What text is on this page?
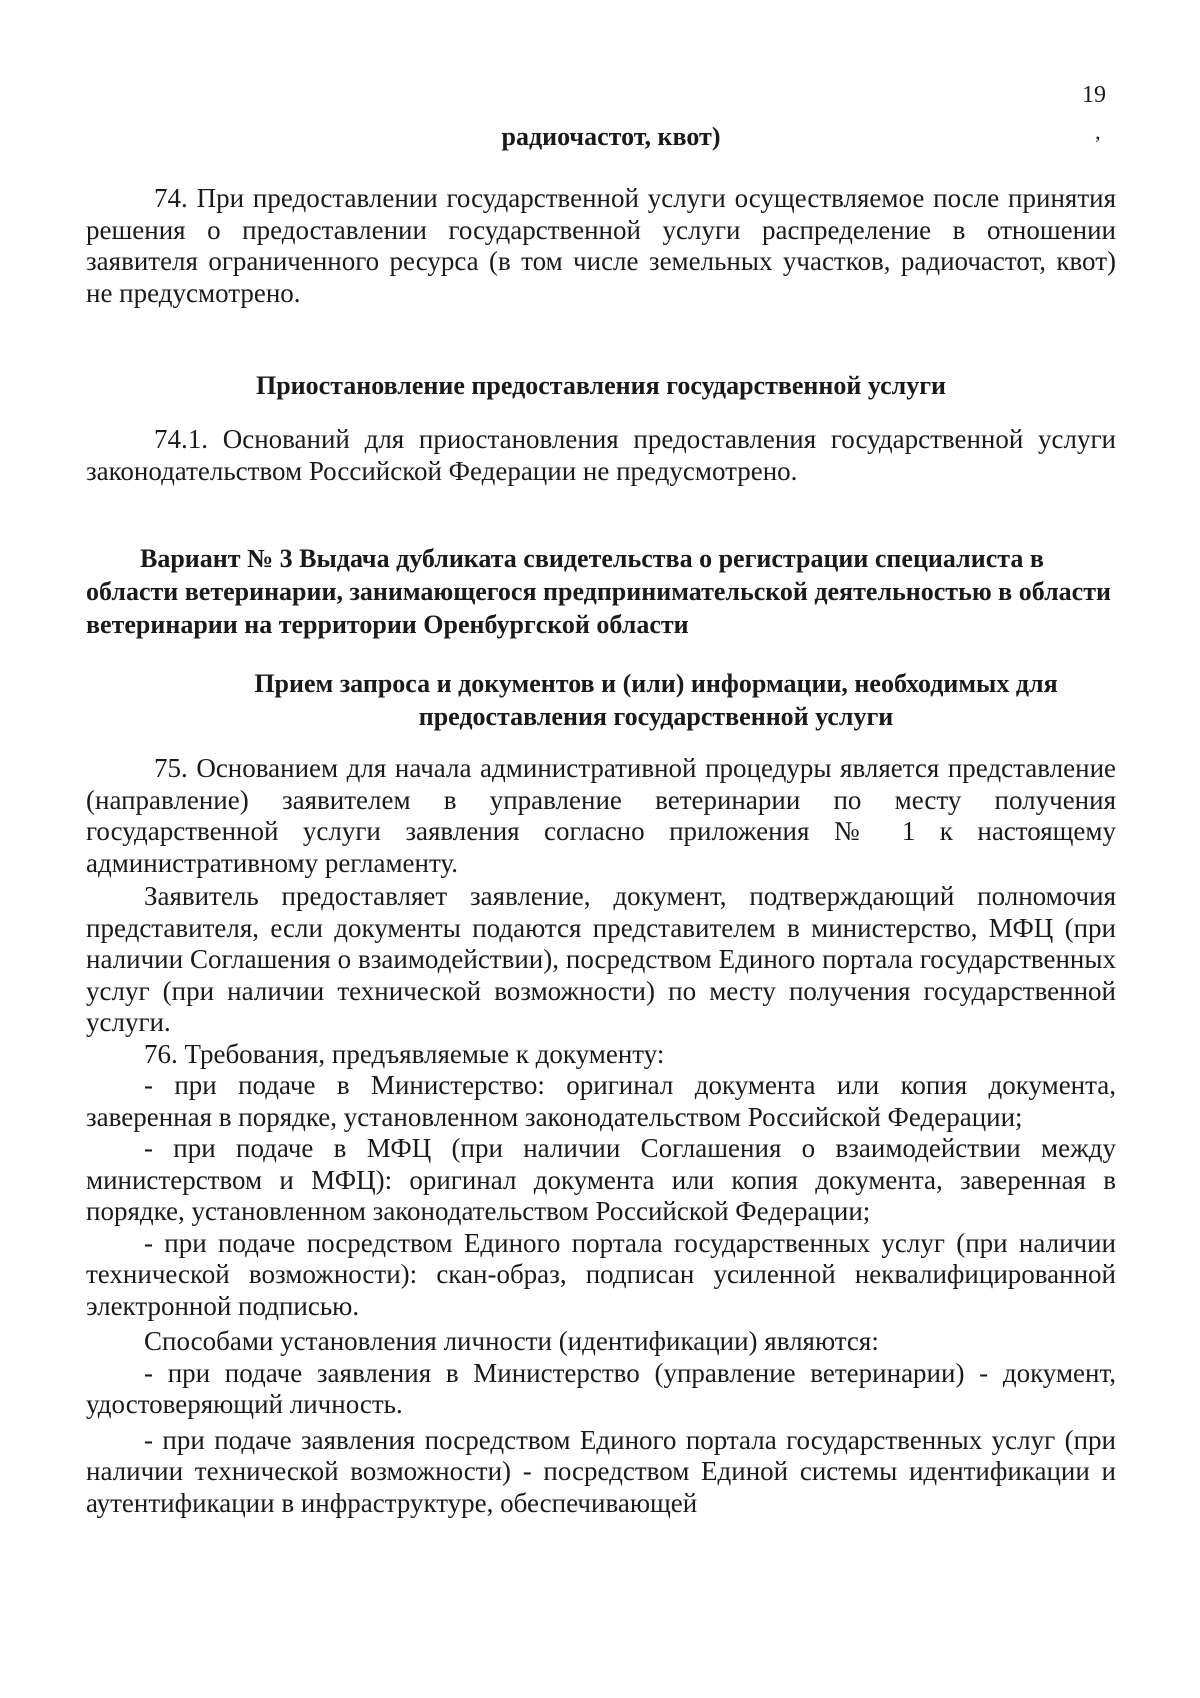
19
’
радиочастот, квот)

74. При предоставлении государственной услуги осуществляемое после принятия решения о предоставлении государственной услуги распределение в отношении заявителя ограниченного ресурса (в том числе земельных участков, радиочастот, квот) не предусмотрено.

Приостановление предоставления государственной услуги

74.1. Оснований для приостановления предоставления государственной услуги законодательством Российской Федерации не предусмотрено.

Вариант № 3 Выдача дубликата свидетельства о регистрации специалиста в области ветеринарии, занимающегося предпринимательской деятельностью в области ветеринарии на территории Оренбургской области
Прием запроса и документов и (или) информации, необходимых для предоставления государственной услуги

75. Основанием для начала административной процедуры является представление (направление) заявителем в управление ветеринарии по месту получения государственной услуги заявления согласно приложения № 1 к настоящему административному регламенту.

Заявитель предоставляет заявление, документ, подтверждающий полномочия представителя, если документы подаются представителем в министерство, МФЦ (при наличии Соглашения о взаимодействии), посредством Единого портала государственных услуг (при наличии технической возможности) по месту получения государственной услуги.

76. Требования, предъявляемые к документу:

- при подаче в Министерство: оригинал документа или копия документа, заверенная в порядке, установленном законодательством Российской Федерации;

- при подаче в МФЦ (при наличии Соглашения о взаимодействии между министерством и МФЦ): оригинал документа или копия документа, заверенная в порядке, установленном законодательством Российской Федерации;

- при подаче посредством Единого портала государственных услуг (при наличии технической возможности): скан-образ, подписан усиленной неквалифицированной электронной подписью.

Способами установления личности (идентификации) являются:

- при подаче заявления в Министерство (управление ветеринарии) - документ, удостоверяющий личность.

- при подаче заявления посредством Единого портала государственных услуг (при наличии технической возможности) - посредством Единой системы идентификации и аутентификации в инфраструктуре, обеспечивающей
